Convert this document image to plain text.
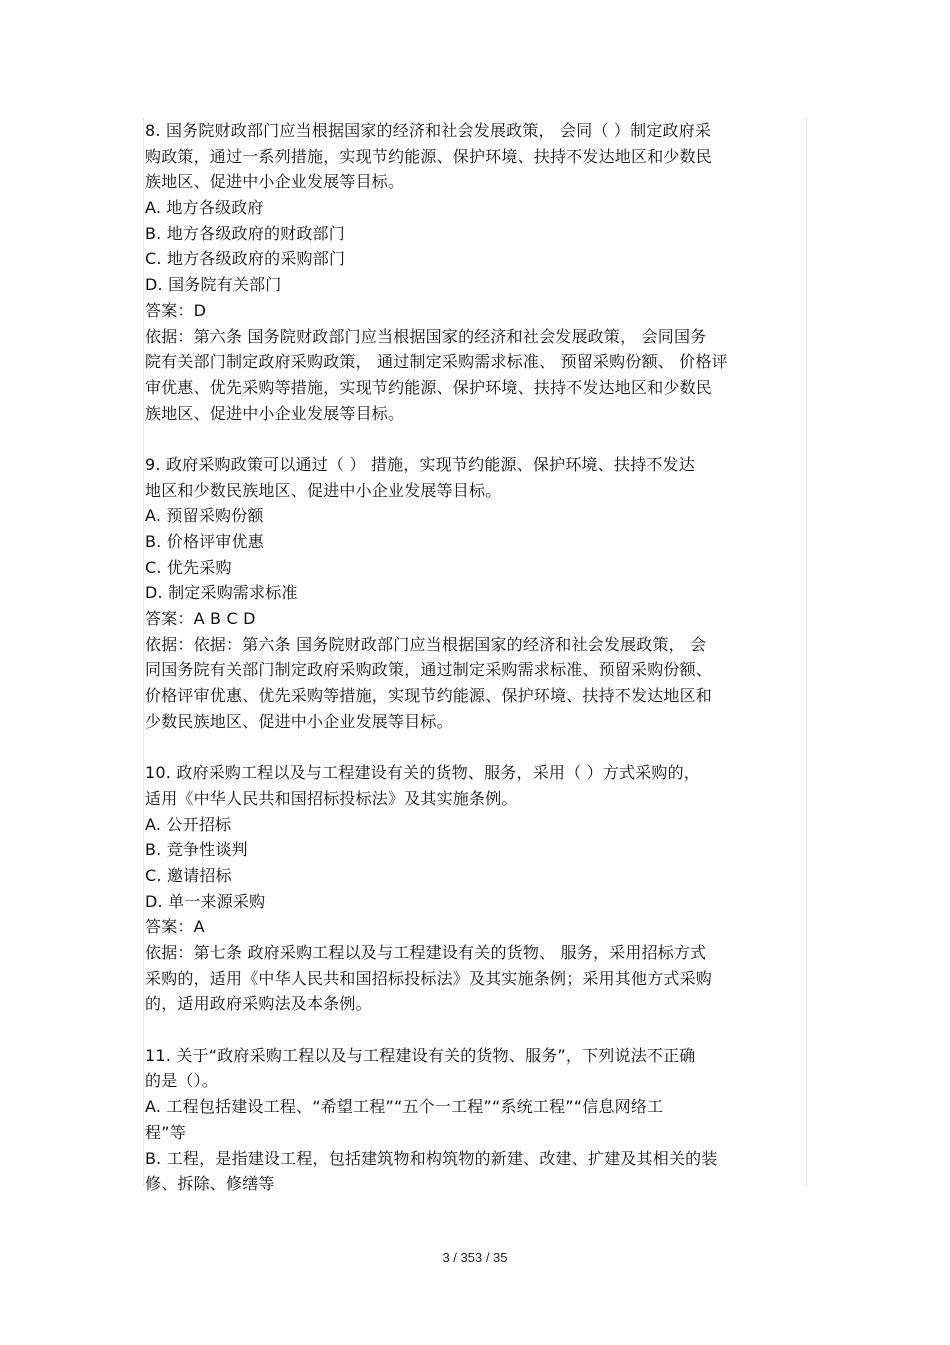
8. 国务院财政部门应当根据国家的经济和社会发展政策， 会同（ ）制定政府采
购政策，通过一系列措施，实现节约能源、保护环境、扶持不发达地区和少数民
族地区、促进中小企业发展等目标。
A. 地方各级政府
B. 地方各级政府的财政部门
C. 地方各级政府的采购部门
D. 国务院有关部门
答案：D
依据：第六条 国务院财政部门应当根据国家的经济和社会发展政策， 会同国务
院有关部门制定政府采购政策， 通过制定采购需求标准、 预留采购份额、 价格评
审优惠、优先采购等措施，实现节约能源、保护环境、扶持不发达地区和少数民
族地区、促进中小企业发展等目标。
9. 政府采购政策可以通过（ ） 措施，实现节约能源、保护环境、扶持不发达
地区和少数民族地区、促进中小企业发展等目标。
A. 预留采购份额
B. 价格评审优惠
C. 优先采购
D. 制定采购需求标准
答案：A B C D
依据：依据：第六条 国务院财政部门应当根据国家的经济和社会发展政策， 会
同国务院有关部门制定政府采购政策，通过制定采购需求标准、预留采购份额、
价格评审优惠、优先采购等措施，实现节约能源、保护环境、扶持不发达地区和
少数民族地区、促进中小企业发展等目标。
10. 政府采购工程以及与工程建设有关的货物、服务，采用（ ）方式采购的，
适用《中华人民共和国招标投标法》及其实施条例。
A. 公开招标
B. 竞争性谈判
C. 邀请招标
D. 单一来源采购
答案：A
依据：第七条 政府采购工程以及与工程建设有关的货物、 服务，采用招标方式
采购的，适用《中华人民共和国招标投标法》及其实施条例；采用其他方式采购
的，适用政府采购法及本条例。
11. 关于“政府采购工程以及与工程建设有关的货物、服务”，下列说法不正确
的是（）。
A. 工程包括建设工程、“希望工程”“五个一工程”“系统工程”“信息网络工
程”等
B. 工程，是指建设工程，包括建筑物和构筑物的新建、改建、扩建及其相关的装
修、拆除、修缮等
3 / 353 / 35
